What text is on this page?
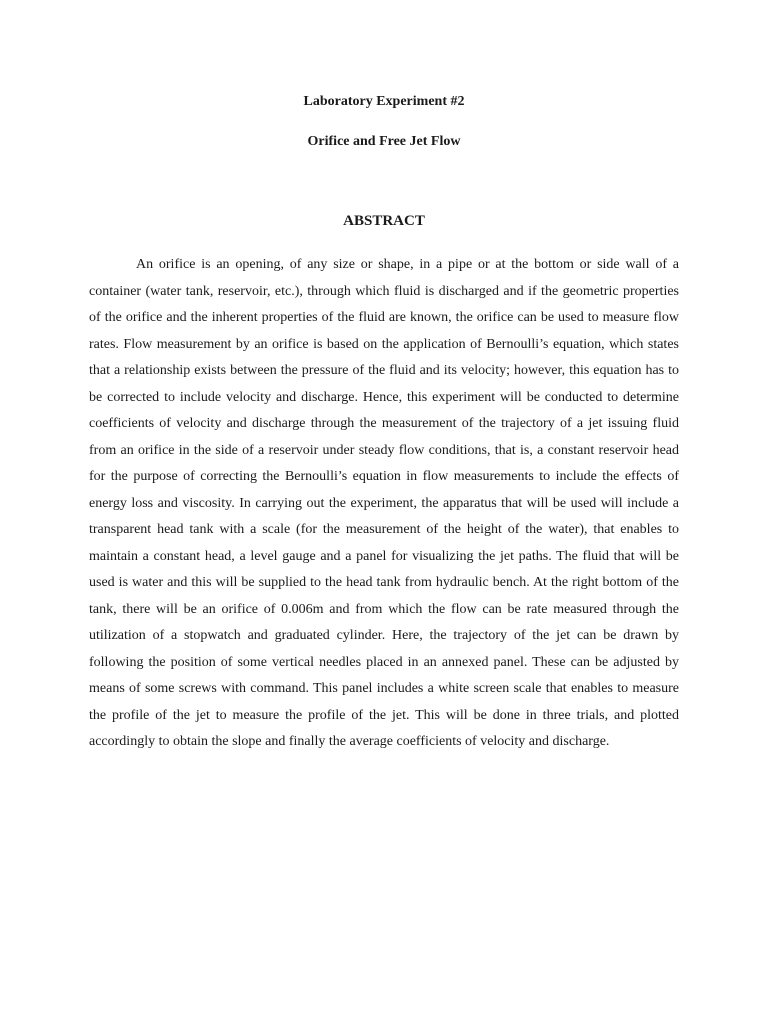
Laboratory Experiment #2
Orifice and Free Jet Flow
ABSTRACT

An orifice is an opening, of any size or shape, in a pipe or at the bottom or side wall of a container (water tank, reservoir, etc.), through which fluid is discharged and if the geometric properties of the orifice and the inherent properties of the fluid are known, the orifice can be used to measure flow rates. Flow measurement by an orifice is based on the application of Bernoulli’s equation, which states that a relationship exists between the pressure of the fluid and its velocity; however, this equation has to be corrected to include velocity and discharge. Hence, this experiment will be conducted to determine coefficients of velocity and discharge through the measurement of the trajectory of a jet issuing fluid from an orifice in the side of a reservoir under steady flow conditions, that is, a constant reservoir head for the purpose of correcting the Bernoulli’s equation in flow measurements to include the effects of energy loss and viscosity. In carrying out the experiment, the apparatus that will be used will include a transparent head tank with a scale (for the measurement of the height of the water), that enables to maintain a constant head, a level gauge and a panel for visualizing the jet paths. The fluid that will be used is water and this will be supplied to the head tank from hydraulic bench. At the right bottom of the tank, there will be an orifice of 0.006m and from which the flow can be rate measured through the utilization of a stopwatch and graduated cylinder. Here, the trajectory of the jet can be drawn by following the position of some vertical needles placed in an annexed panel. These can be adjusted by means of some screws with command. This panel includes a white screen scale that enables to measure the profile of the jet to measure the profile of the jet. This will be done in three trials, and plotted accordingly to obtain the slope and finally the average coefficients of velocity and discharge.
